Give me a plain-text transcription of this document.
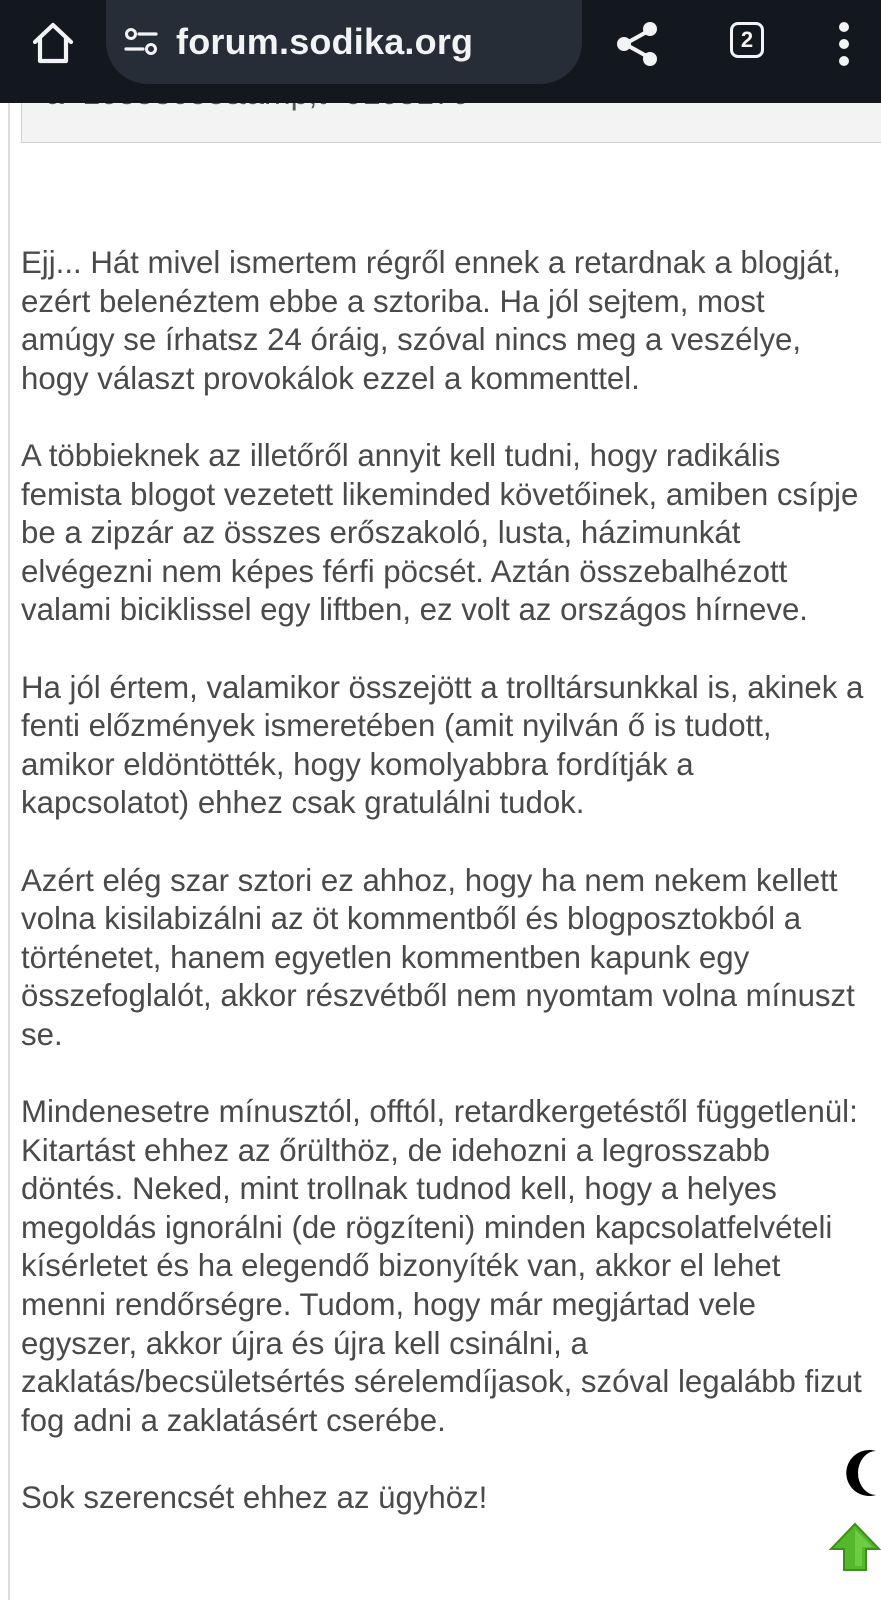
forum.sodika.org	2

Ejj... Hát mivel ismertem régről ennek a retardnak a blogját, ezért belenéztem ebbe a sztoriba. Ha jól sejtem, most amúgy se írhatsz 24 óráig, szóval nincs meg a veszélye, hogy választ provokálok ezzel a kommenttel.

A többieknek az illetőről annyit kell tudni, hogy radikális femista blogot vezetett likeminded követőinek, amiben csípje be a zipzár az összes erőszakoló, lusta, házimunkát elvégezni nem képes férfi pöcsét. Aztán összebalhézott valami biciklissel egy liftben, ez volt az országos hírneve.

Ha jól értem, valamikor összejött a trolltársunkkal is, akinek a fenti előzmények ismeretében (amit nyilván ő is tudott, amikor eldöntötték, hogy komolyabbra fordítják a kapcsolatot) ehhez csak gratulálni tudok.

Azért elég szar sztori ez ahhoz, hogy ha nem nekem kellett volna kisilabizálni az öt kommentből és blogposztokból a történetet, hanem egyetlen kommentben kapunk egy összefoglalót, akkor részvétből nem nyomtam volna mínuszt se.

Mindenesetre mínusztól, offtól, retardkergetéstől függetlenül: Kitartást ehhez az őrülthöz, de idehozni a legrosszabb döntés. Neked, mint trollnak tudnod kell, hogy a helyes megoldás ignorálni (de rögzíteni) minden kapcsolatfelvételi kísérletet és ha elegendő bizonyíték van, akkor el lehet menni rendőrségre. Tudom, hogy már megjártad vele egyszer, akkor újra és újra kell csinálni, a zaklatás/becsületsértés sérelemdíjasok, szóval legalább fizut fog adni a zaklatásért cserébe.

Sok szerencsét ehhez az ügyhöz!
